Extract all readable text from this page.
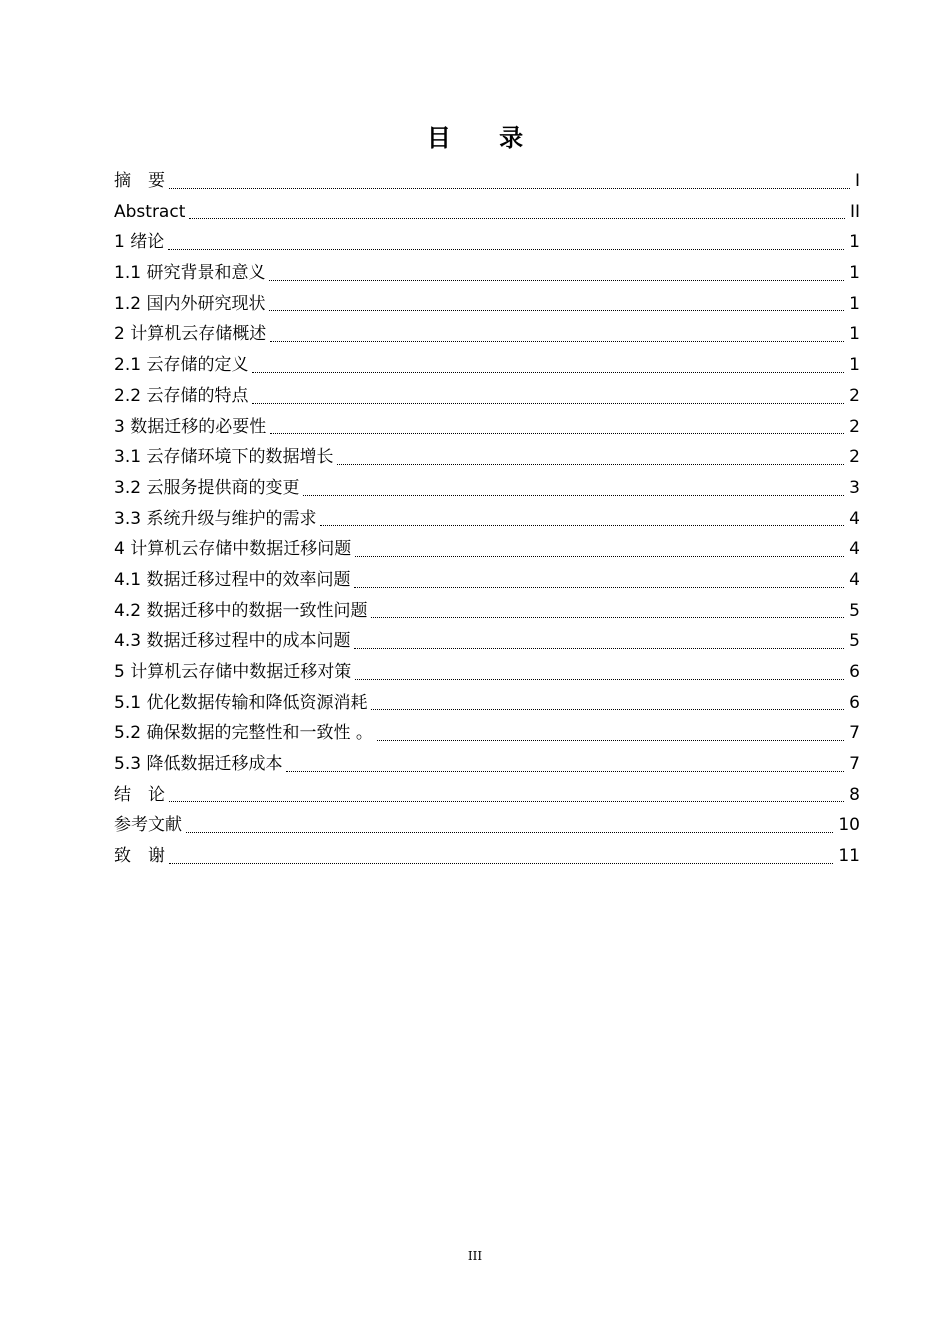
目 录
摘　要	I
Abstract	II
1 绪论	1
1.1 研究背景和意义	1
1.2 国内外研究现状	1
2 计算机云存储概述	1
2.1 云存储的定义	1
2.2 云存储的特点	2
3 数据迁移的必要性	2
3.1 云存储环境下的数据增长	2
3.2 云服务提供商的变更	3
3.3 系统升级与维护的需求	4
4 计算机云存储中数据迁移问题	4
4.1 数据迁移过程中的效率问题	4
4.2 数据迁移中的数据一致性问题	5
4.3 数据迁移过程中的成本问题	5
5 计算机云存储中数据迁移对策	6
5.1 优化数据传输和降低资源消耗	6
5.2 确保数据的完整性和一致性 。	7
5.3 降低数据迁移成本	7
结　论	8
参考文献	10
致　谢	11
III
